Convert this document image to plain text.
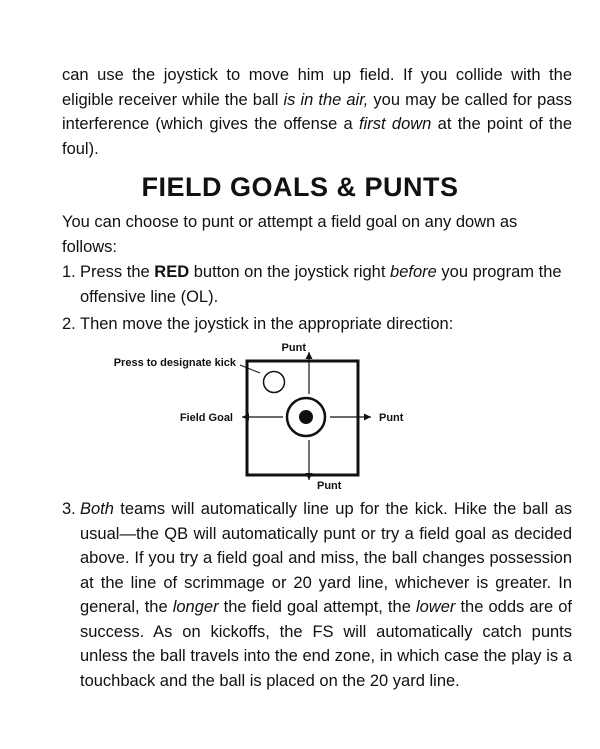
can use the joystick to move him up field. If you collide with the eligible receiver while the ball is in the air, you may be called for pass interference (which gives the offense a first down at the point of the foul).

FIELD GOALS & PUNTS

You can choose to punt or attempt a field goal on any down as follows:

1. Press the RED button on the joystick right before you program the offensive line (OL).
2. Then move the joystick in the appropriate direction:
Press to designate kick
Punt
Field Goal	Punt
Punt
3. Both teams will automatically line up for the kick. Hike the ball as usual—the QB will automatically punt or try a field goal as decided above. If you try a field goal and miss, the ball changes possession at the line of scrimmage or 20 yard line, whichever is greater. In general, the longer the field goal attempt, the lower the odds are of success. As on kickoffs, the FS will automatically catch punts unless the ball travels into the end zone, in which case the play is a touchback and the ball is placed on the 20 yard line.
